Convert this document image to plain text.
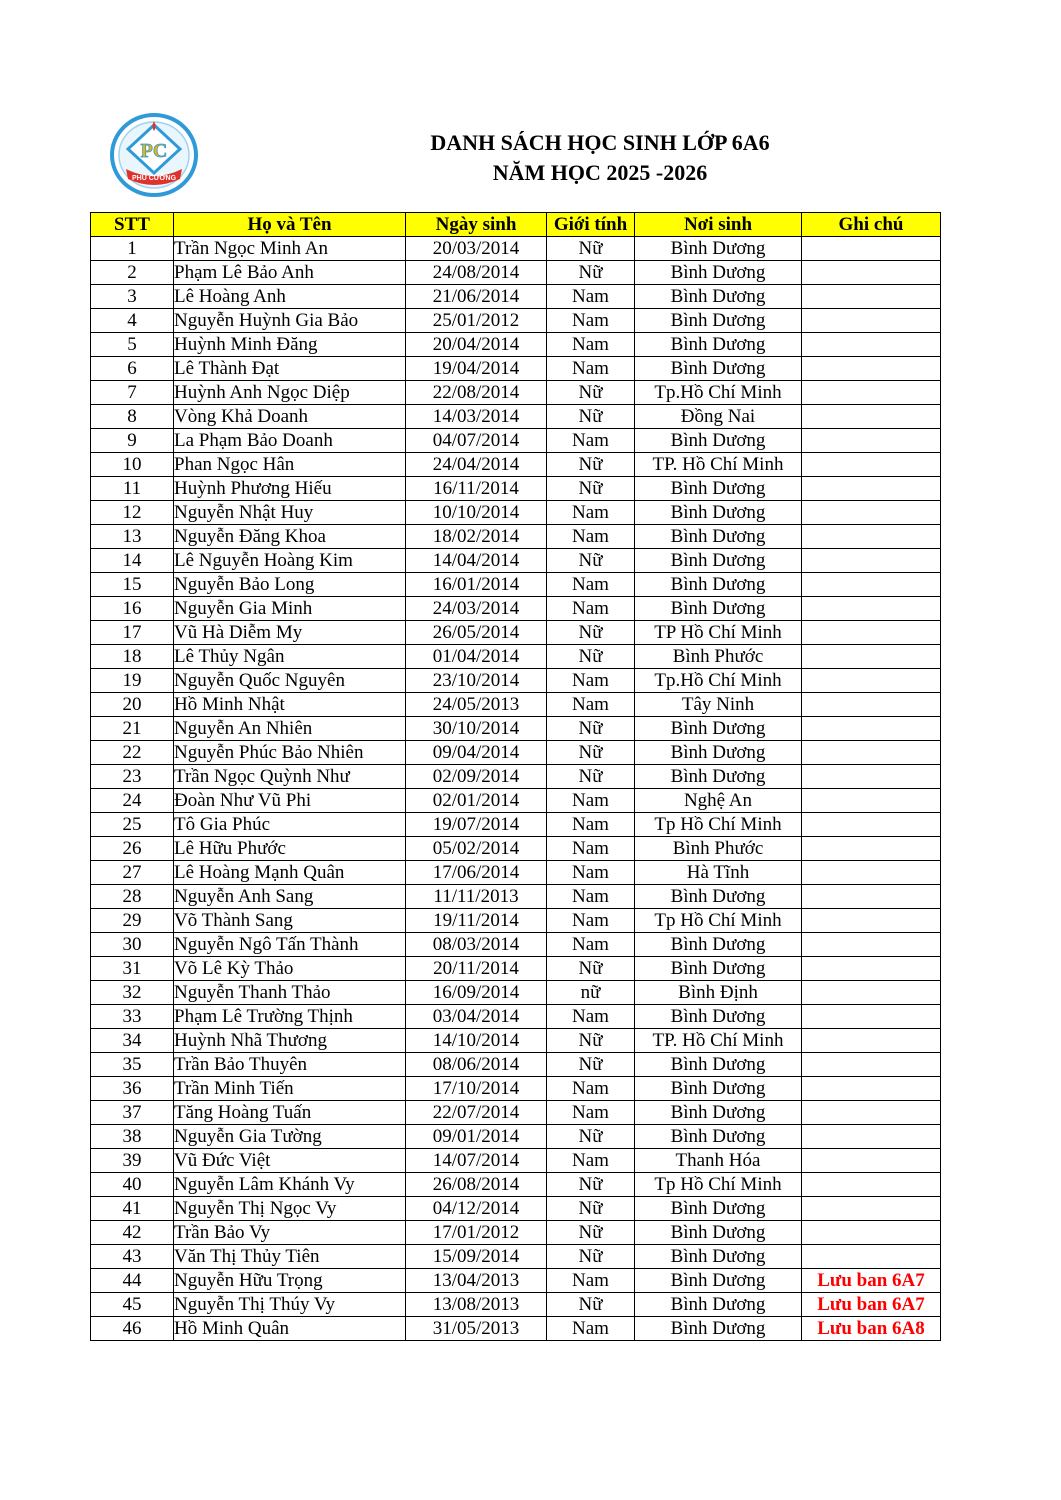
PC
PHÚ CƯỜNG
DANH SÁCH HỌC SINH LỚP 6A6
NĂM HỌC 2025 -2026
STT	Họ và Tên	Ngày sinh	Giới tính	Nơi sinh	Ghi chú
1	Trần Ngọc Minh An	20/03/2014	Nữ	Bình Dương	
2	Phạm Lê Bảo Anh	24/08/2014	Nữ	Bình Dương	
3	Lê Hoàng Anh	21/06/2014	Nam	Bình Dương	
4	Nguyễn Huỳnh Gia Bảo	25/01/2012	Nam	Bình Dương	
5	Huỳnh Minh Đăng	20/04/2014	Nam	Bình Dương	
6	Lê Thành Đạt	19/04/2014	Nam	Bình Dương	
7	Huỳnh Anh Ngọc Diệp	22/08/2014	Nữ	Tp.Hồ Chí Minh	
8	Vòng Khả Doanh	14/03/2014	Nữ	Đồng Nai	
9	La Phạm Bảo Doanh	04/07/2014	Nam	Bình Dương	
10	Phan Ngọc Hân	24/04/2014	Nữ	TP. Hồ Chí Minh	
11	Huỳnh Phương Hiếu	16/11/2014	Nữ	Bình Dương	
12	Nguyễn Nhật Huy	10/10/2014	Nam	Bình Dương	
13	Nguyễn Đăng Khoa	18/02/2014	Nam	Bình Dương	
14	Lê Nguyễn Hoàng Kim	14/04/2014	Nữ	Bình Dương	
15	Nguyễn Bảo Long	16/01/2014	Nam	Bình Dương	
16	Nguyễn Gia Minh	24/03/2014	Nam	Bình Dương	
17	Vũ Hà Diễm My	26/05/2014	Nữ	TP Hồ Chí Minh	
18	Lê Thủy Ngân	01/04/2014	Nữ	Bình Phước	
19	Nguyễn Quốc Nguyên	23/10/2014	Nam	Tp.Hồ Chí Minh	
20	Hồ Minh Nhật	24/05/2013	Nam	Tây Ninh	
21	Nguyễn An Nhiên	30/10/2014	Nữ	Bình Dương	
22	Nguyễn Phúc Bảo Nhiên	09/04/2014	Nữ	Bình Dương	
23	Trần Ngọc Quỳnh Như	02/09/2014	Nữ	Bình Dương	
24	Đoàn Như Vũ Phi	02/01/2014	Nam	Nghệ An	
25	Tô Gia Phúc	19/07/2014	Nam	Tp Hồ Chí Minh	
26	Lê Hữu Phước	05/02/2014	Nam	Bình Phước	
27	Lê Hoàng Mạnh Quân	17/06/2014	Nam	Hà Tĩnh	
28	Nguyễn Anh Sang	11/11/2013	Nam	Bình Dương	
29	Võ Thành Sang	19/11/2014	Nam	Tp Hồ Chí Minh	
30	Nguyễn Ngô Tấn Thành	08/03/2014	Nam	Bình Dương	
31	Võ Lê Kỳ Thảo	20/11/2014	Nữ	Bình Dương	
32	Nguyễn Thanh Thảo	16/09/2014	nữ	Bình Định	
33	Phạm Lê Trường Thịnh	03/04/2014	Nam	Bình Dương	
34	Huỳnh Nhã Thương	14/10/2014	Nữ	TP. Hồ Chí Minh	
35	Trần Bảo Thuyên	08/06/2014	Nữ	Bình Dương	
36	Trần Minh Tiến	17/10/2014	Nam	Bình Dương	
37	Tăng Hoàng Tuấn	22/07/2014	Nam	Bình Dương	
38	Nguyễn Gia Tường	09/01/2014	Nữ	Bình Dương	
39	Vũ Đức Việt	14/07/2014	Nam	Thanh Hóa	
40	Nguyễn Lâm Khánh Vy	26/08/2014	Nữ	Tp Hồ Chí Minh	
41	Nguyễn Thị Ngọc Vy	04/12/2014	Nữ	Bình Dương	
42	Trần Bảo Vy	17/01/2012	Nữ	Bình Dương	
43	Văn Thị Thủy Tiên	15/09/2014	Nữ	Bình Dương	
44	Nguyễn Hữu Trọng	13/04/2013	Nam	Bình Dương	Lưu ban 6A7
45	Nguyễn Thị Thúy Vy	13/08/2013	Nữ	Bình Dương	Lưu ban 6A7
46	Hồ Minh Quân	31/05/2013	Nam	Bình Dương	Lưu ban 6A8
